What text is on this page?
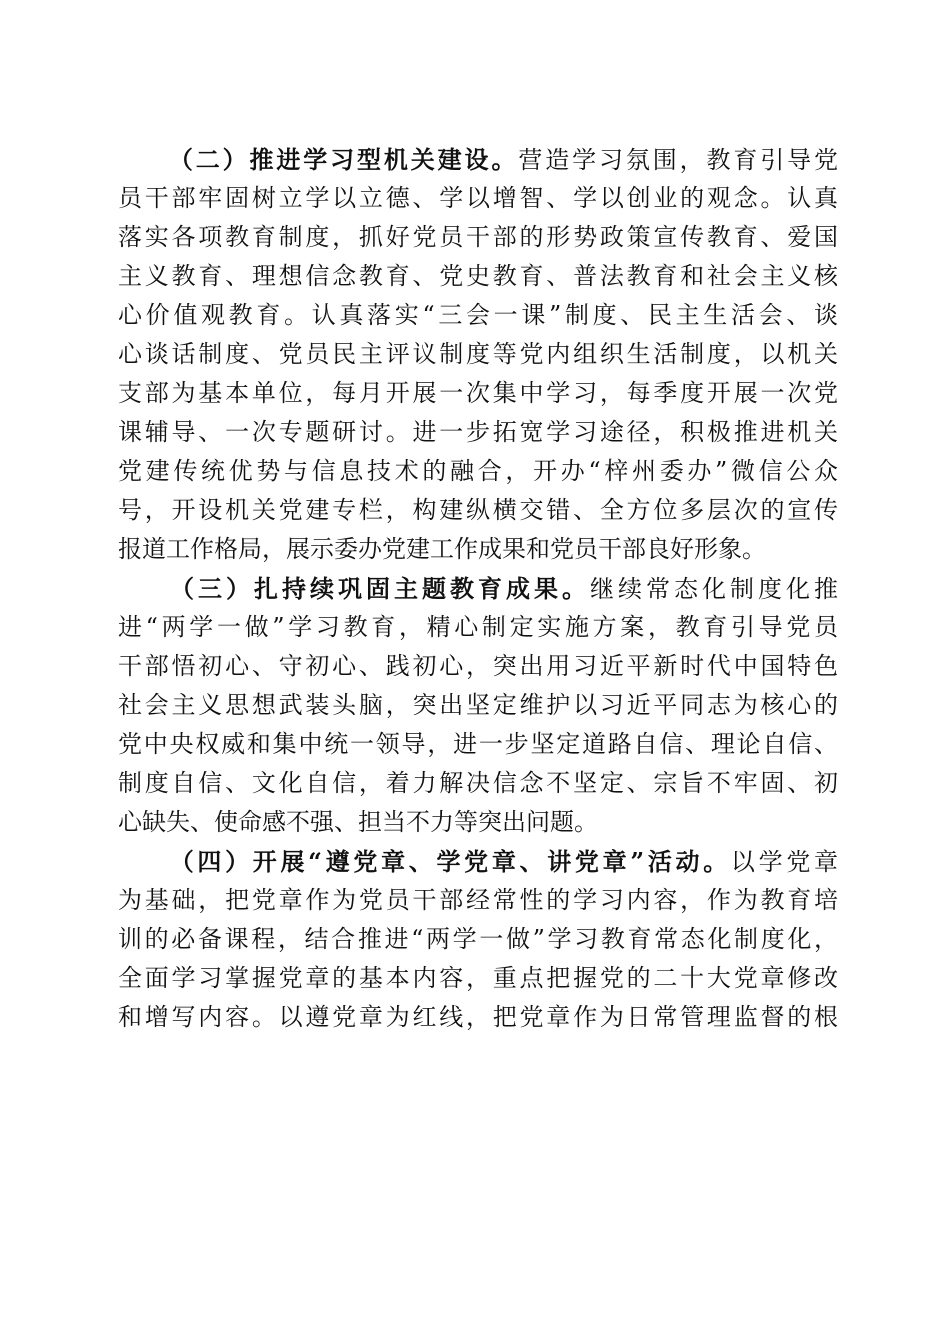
（二）推进学习型机关建设。营造学习氛围，教育引导党
员干部牢固树立学以立德、学以增智、学以创业的观念。认真
落实各项教育制度，抓好党员干部的形势政策宣传教育、爱国
主义教育、理想信念教育、党史教育、普法教育和社会主义核
心价值观教育。认真落实“三会一课”制度、民主生活会、谈
心谈话制度、党员民主评议制度等党内组织生活制度，以机关
支部为基本单位，每月开展一次集中学习，每季度开展一次党
课辅导、一次专题研讨。进一步拓宽学习途径，积极推进机关
党建传统优势与信息技术的融合，开办“梓州委办”微信公众
号，开设机关党建专栏，构建纵横交错、全方位多层次的宣传
报道工作格局，展示委办党建工作成果和党员干部良好形象。
（三）扎持续巩固主题教育成果。继续常态化制度化推
进“两学一做”学习教育，精心制定实施方案，教育引导党员
干部悟初心、守初心、践初心，突出用习近平新时代中国特色
社会主义思想武装头脑，突出坚定维护以习近平同志为核心的
党中央权威和集中统一领导，进一步坚定道路自信、理论自信、
制度自信、文化自信，着力解决信念不坚定、宗旨不牢固、初
心缺失、使命感不强、担当不力等突出问题。
（四）开展“遵党章、学党章、讲党章”活动。以学党章
为基础，把党章作为党员干部经常性的学习内容，作为教育培
训的必备课程，结合推进“两学一做”学习教育常态化制度化，
全面学习掌握党章的基本内容，重点把握党的二十大党章修改
和增写内容。以遵党章为红线，把党章作为日常管理监督的根
